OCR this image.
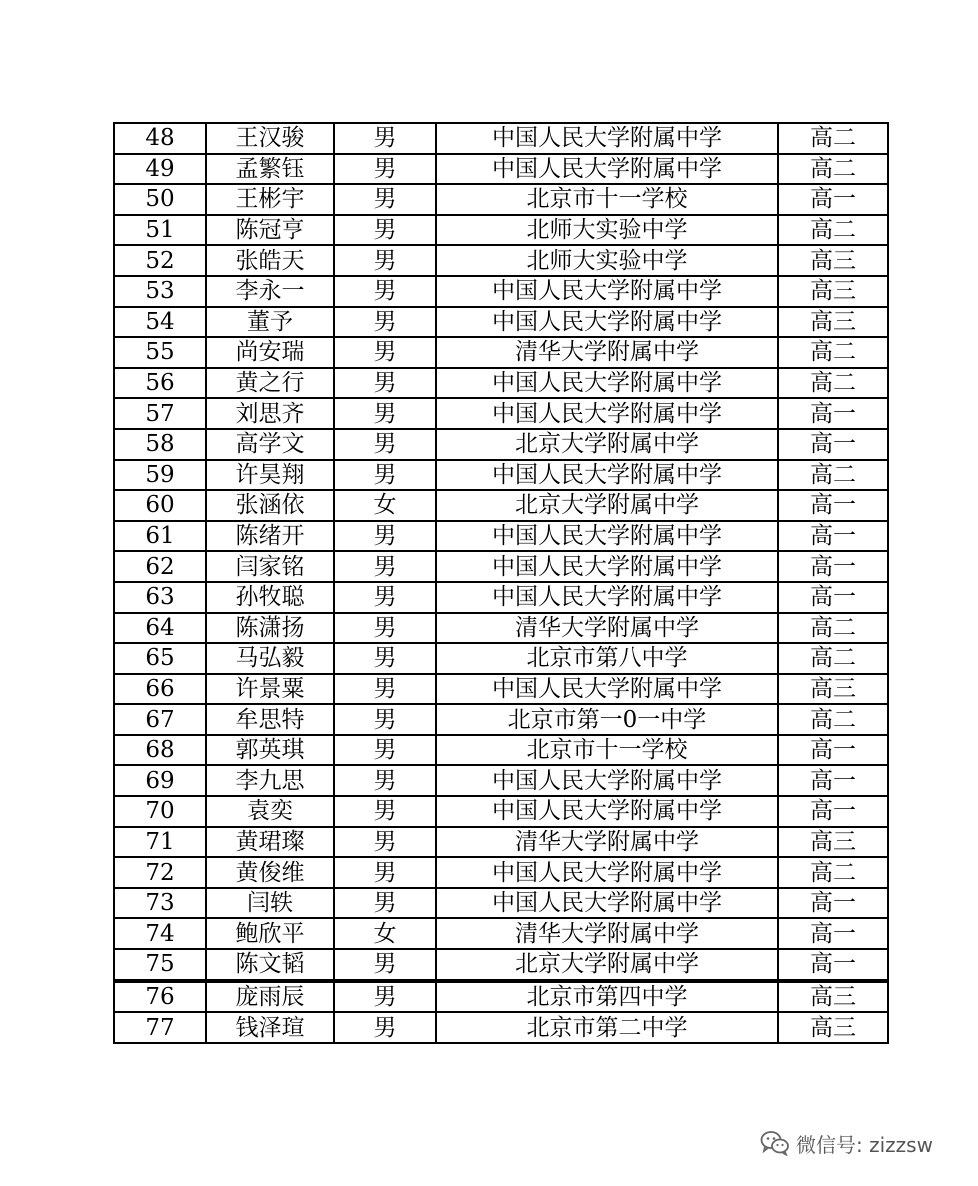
48	王汉骏	男	中国人民大学附属中学	高二
49	孟繁钰	男	中国人民大学附属中学	高二
50	王彬宇	男	北京市十一学校	高一
51	陈冠亨	男	北师大实验中学	高二
52	张皓天	男	北师大实验中学	高三
53	李永一	男	中国人民大学附属中学	高三
54	董予	男	中国人民大学附属中学	高三
55	尚安瑞	男	清华大学附属中学	高二
56	黄之行	男	中国人民大学附属中学	高二
57	刘思齐	男	中国人民大学附属中学	高一
58	高学文	男	北京大学附属中学	高一
59	许昊翔	男	中国人民大学附属中学	高二
60	张涵依	女	北京大学附属中学	高一
61	陈绪开	男	中国人民大学附属中学	高一
62	闫家铭	男	中国人民大学附属中学	高一
63	孙牧聪	男	中国人民大学附属中学	高一
64	陈潇扬	男	清华大学附属中学	高二
65	马弘毅	男	北京市第八中学	高二
66	许景粟	男	中国人民大学附属中学	高三
67	牟思特	男	北京市第一0一中学	高二
68	郭英琪	男	北京市十一学校	高一
69	李九思	男	中国人民大学附属中学	高一
70	袁奕	男	中国人民大学附属中学	高一
71	黄珺璨	男	清华大学附属中学	高三
72	黄俊维	男	中国人民大学附属中学	高二
73	闫轶	男	中国人民大学附属中学	高一
74	鲍欣平	女	清华大学附属中学	高一
75	陈文韬	男	北京大学附属中学	高一
76	庞雨辰	男	北京市第四中学	高三
77	钱泽瑄	男	北京市第二中学	高三
微信号: zizzsw
